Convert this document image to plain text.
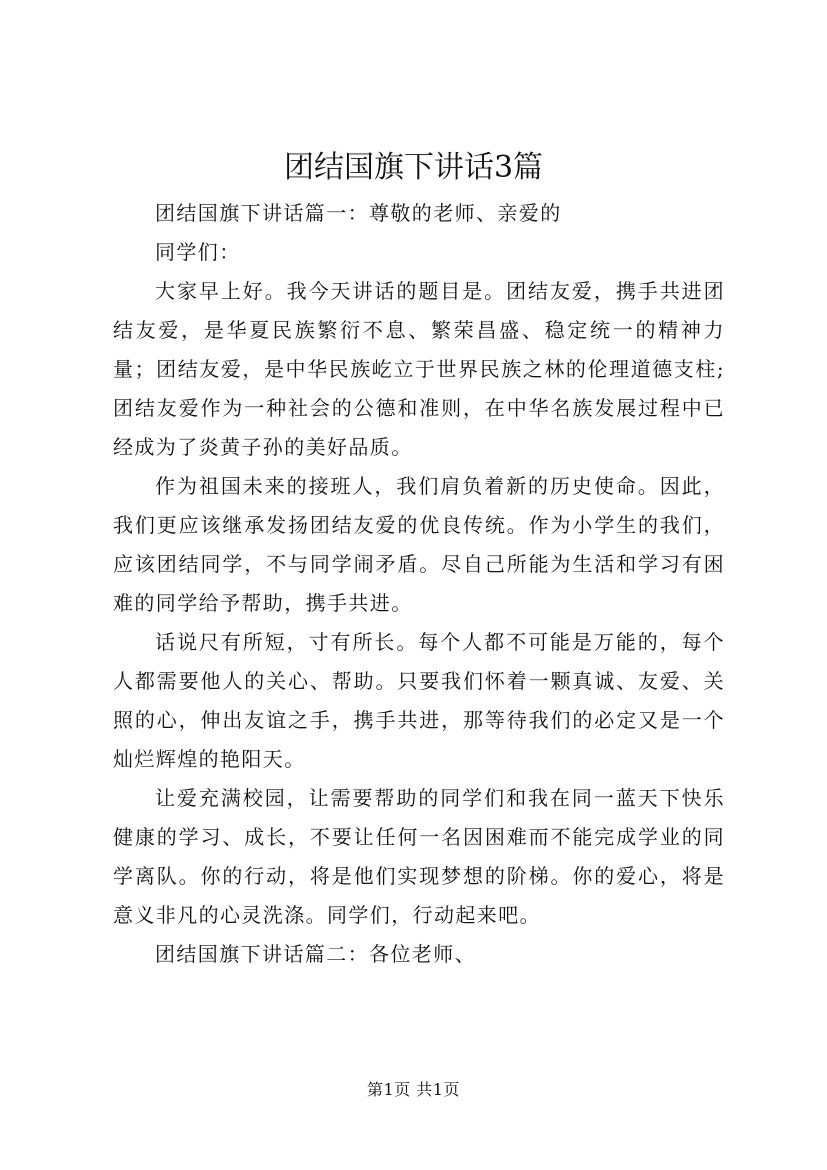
团结国旗下讲话3篇

团结国旗下讲话篇一：尊敬的老师、亲爱的

同学们：

大家早上好。我今天讲话的题目是。团结友爱，携手共进团结友爱，是华夏民族繁衍不息、繁荣昌盛、稳定统一的精神力量；团结友爱，是中华民族屹立于世界民族之林的伦理道德支柱;团结友爱作为一种社会的公德和准则，在中华名族发展过程中已经成为了炎黄子孙的美好品质。

作为祖国未来的接班人，我们肩负着新的历史使命。因此，我们更应该继承发扬团结友爱的优良传统。作为小学生的我们，应该团结同学，不与同学闹矛盾。尽自己所能为生活和学习有困难的同学给予帮助，携手共进。

话说尺有所短，寸有所长。每个人都不可能是万能的，每个人都需要他人的关心、帮助。只要我们怀着一颗真诚、友爱、关照的心，伸出友谊之手，携手共进，那等待我们的必定又是一个灿烂辉煌的艳阳天。

让爱充满校园，让需要帮助的同学们和我在同一蓝天下快乐健康的学习、成长，不要让任何一名因困难而不能完成学业的同学离队。你的行动，将是他们实现梦想的阶梯。你的爱心，将是意义非凡的心灵洗涤。同学们，行动起来吧。

团结国旗下讲话篇二：各位老师、

第1页 共1页
